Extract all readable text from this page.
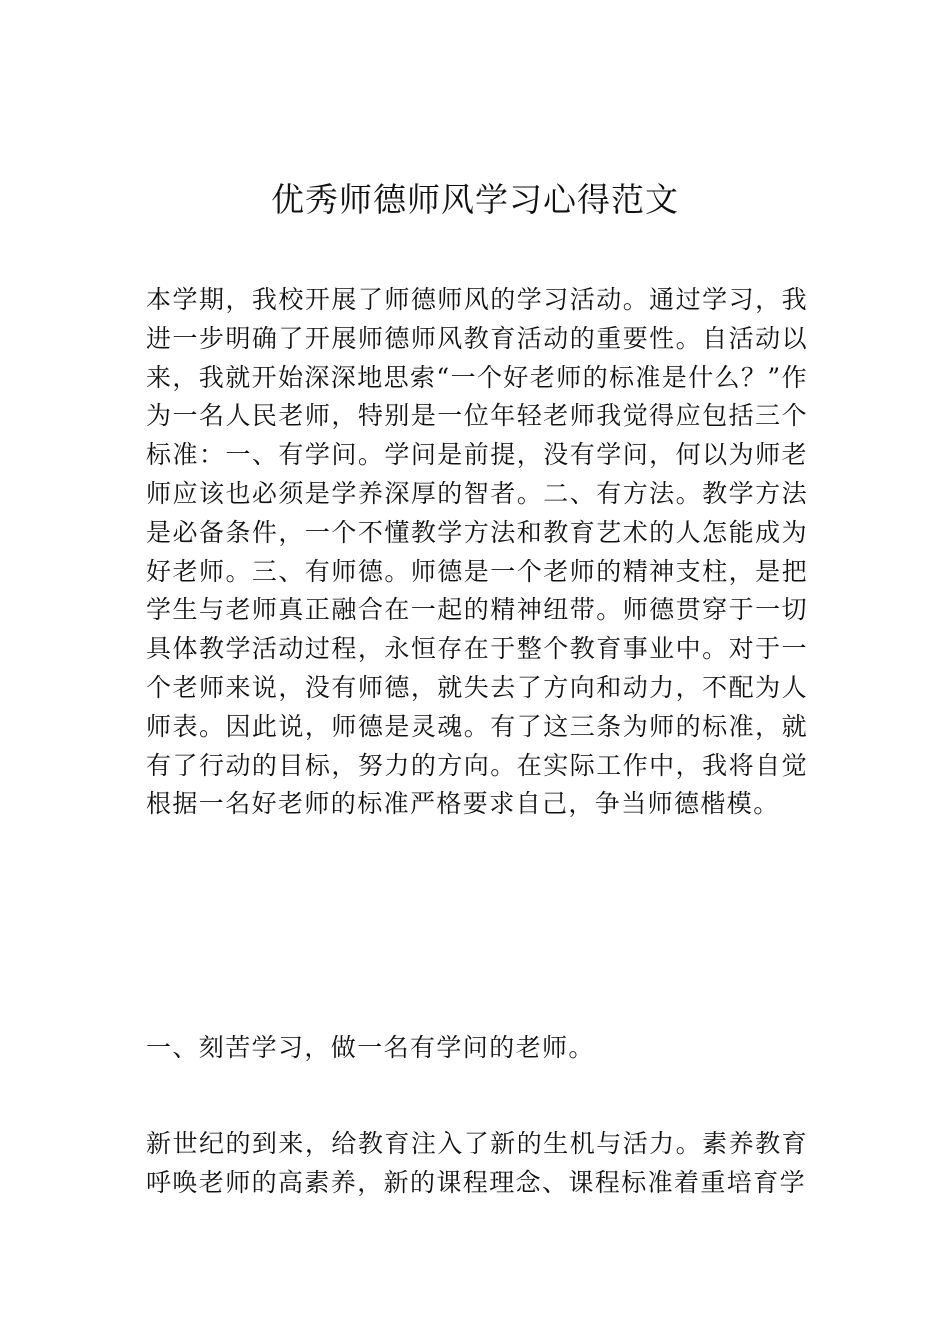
优秀师德师风学习心得范文

本学期，我校开展了师德师风的学习活动。通过学习，我进一步明确了开展师德师风教育活动的重要性。自活动以来，我就开始深深地思索“一个好老师的标准是什么？”作为一名人民老师，特别是一位年轻老师我觉得应包括三个标准：一、有学问。学问是前提，没有学问，何以为师老师应该也必须是学养深厚的智者。二、有方法。教学方法是必备条件，一个不懂教学方法和教育艺术的人怎能成为好老师。三、有师德。师德是一个老师的精神支柱，是把学生与老师真正融合在一起的精神纽带。师德贯穿于一切具体教学活动过程，永恒存在于整个教育事业中。对于一个老师来说，没有师德，就失去了方向和动力，不配为人师表。因此说，师德是灵魂。有了这三条为师的标准，就有了行动的目标，努力的方向。在实际工作中，我将自觉根据一名好老师的标准严格要求自己，争当师德楷模。

一、刻苦学习，做一名有学问的老师。

新世纪的到来，给教育注入了新的生机与活力。素养教育呼唤老师的高素养，新的课程理念、课程标准着重培育学
